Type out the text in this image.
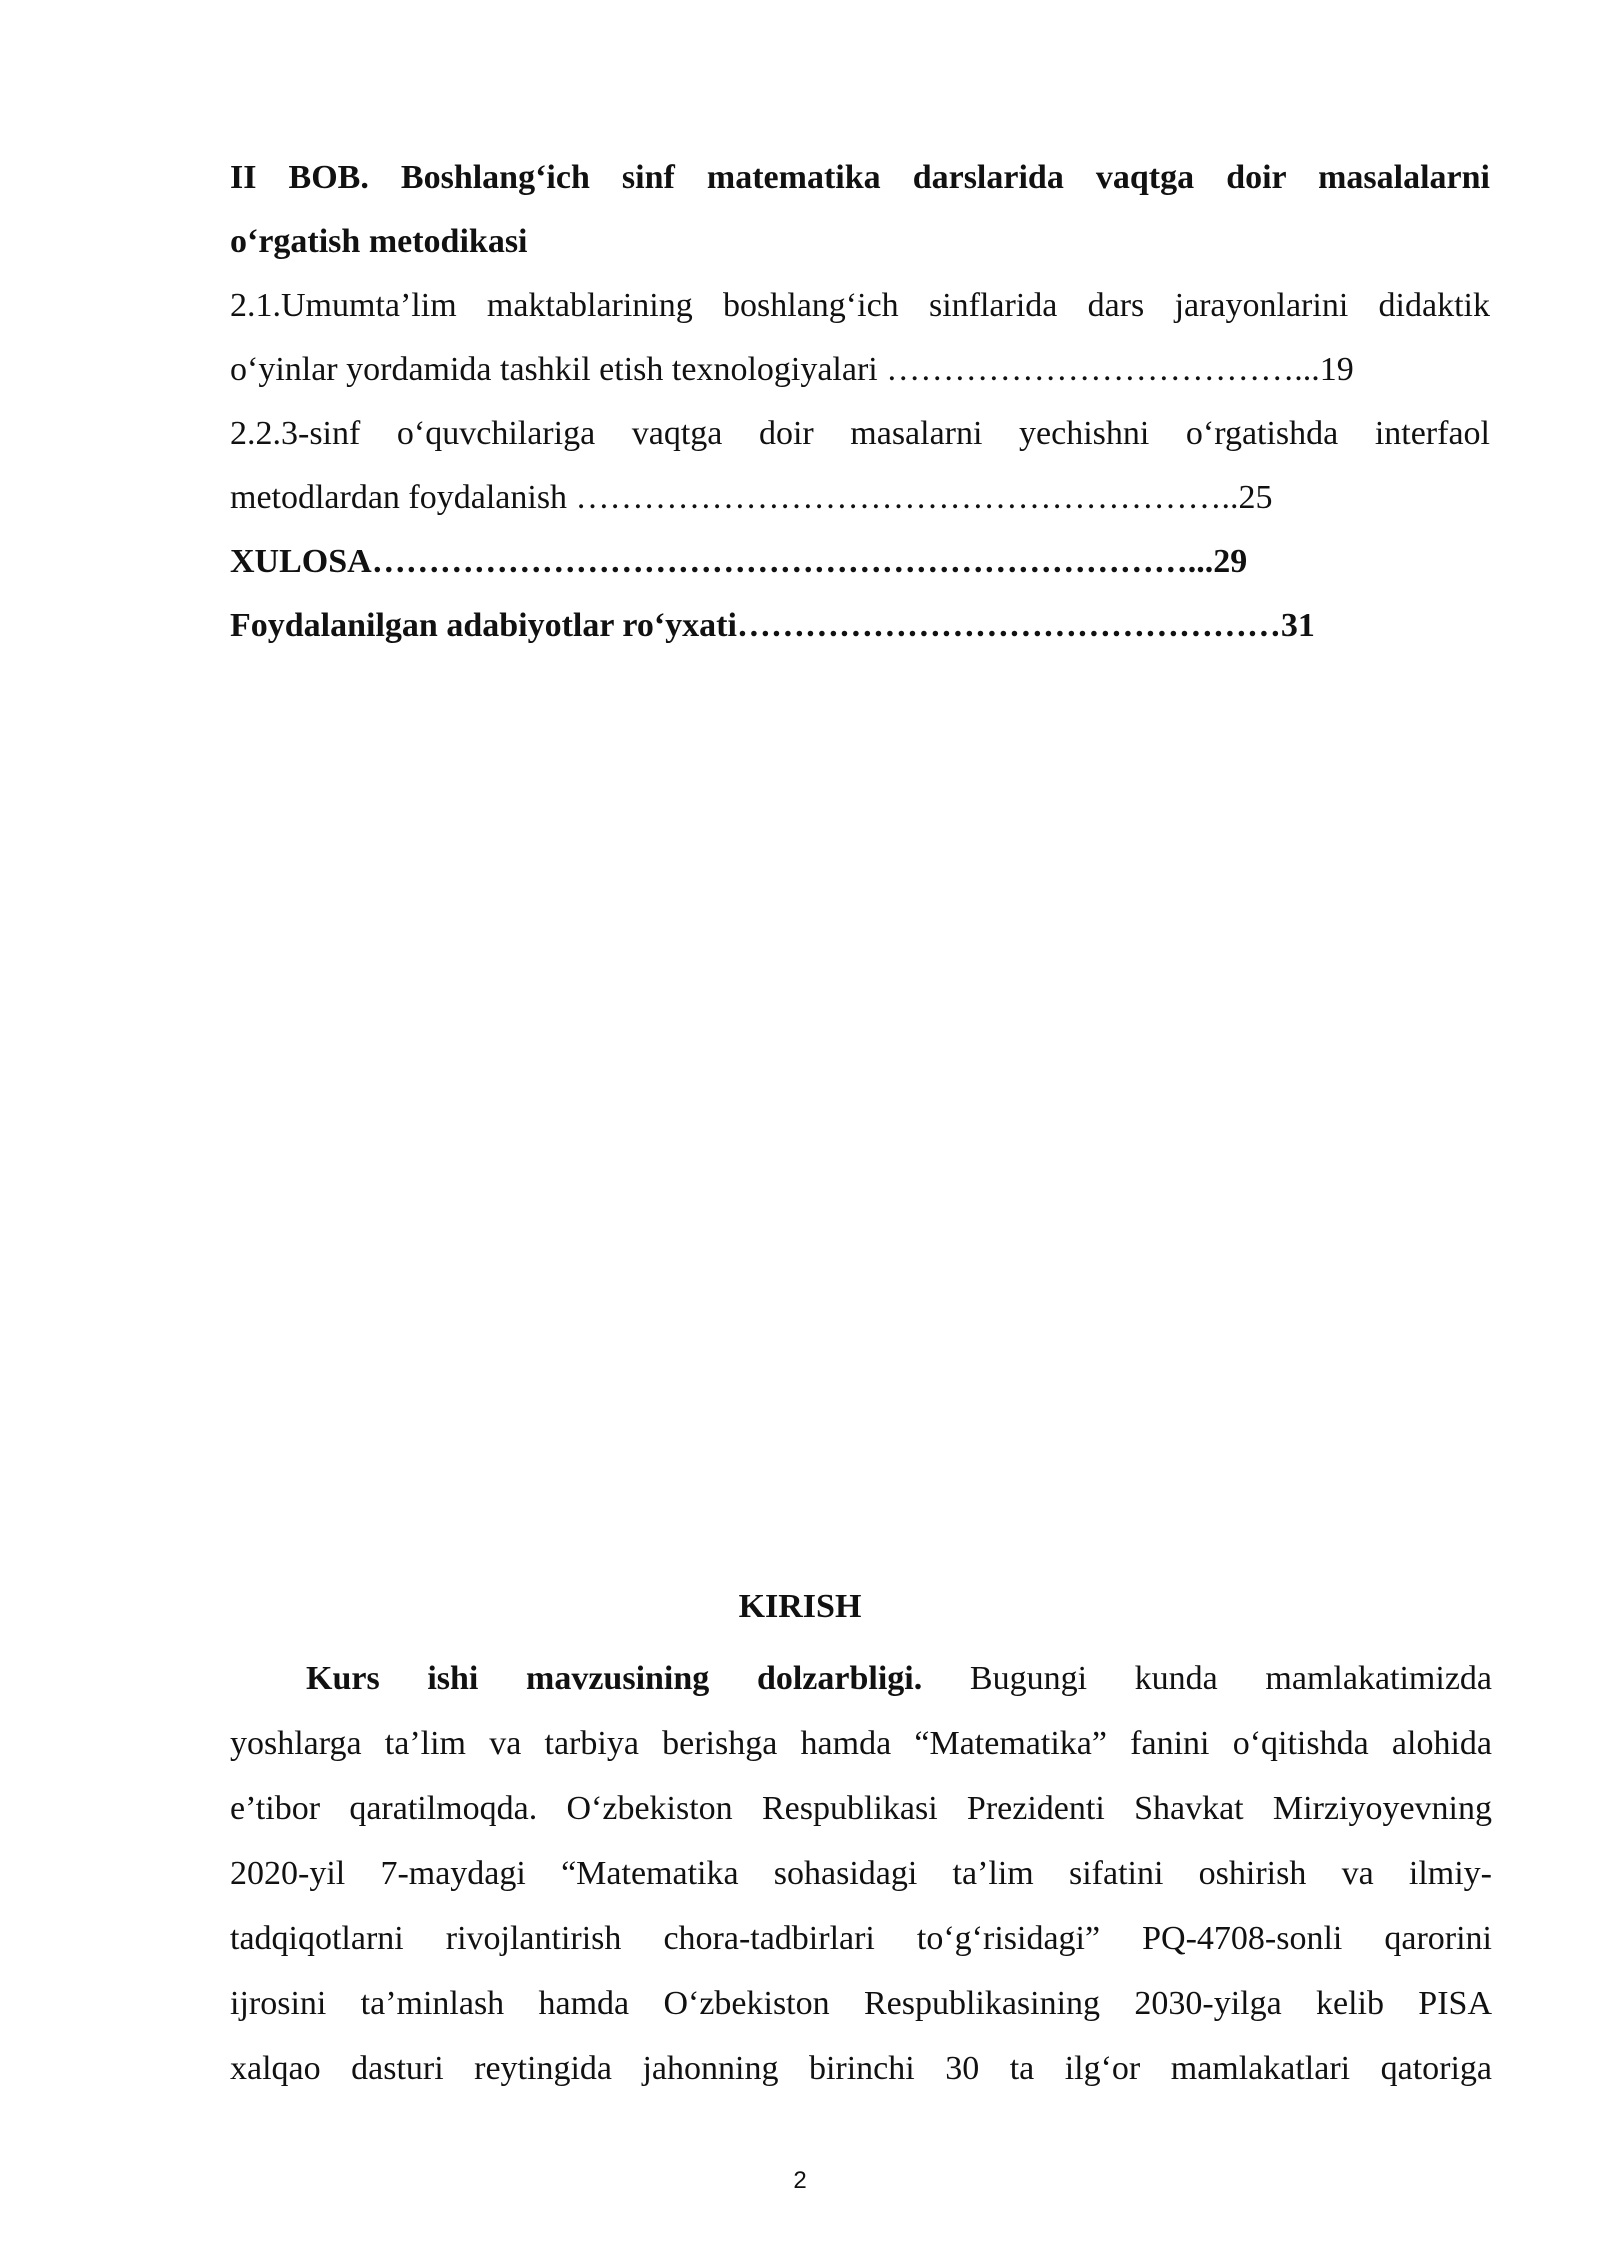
II BOB. Boshlang‘ich sinf matematika darslarida vaqtga doir masalalarni
o‘rgatish metodikasi
2.1.Umumta’lim maktablarining boshlang‘ich sinflarida dars jarayonlarini didaktik
o‘yinlar yordamida tashkil etish texnologiyalari ………………………………...19
2.2.3-sinf o‘quvchilariga vaqtga doir masalarni yechishni o‘rgatishda interfaol
metodlardan foydalanish …………………………………………………..25
XULOSA………………………………………………………………...29
Foydalanilgan adabiyotlar ro‘yxati…………………………………………31
KIRISH
Kurs ishi mavzusining dolzarbligi. Bugungi kunda mamlakatimizda
yoshlarga ta’lim va tarbiya berishga hamda “Matematika” fanini o‘qitishda alohida
e’tibor qaratilmoqda. O‘zbekiston Respublikasi Prezidenti Shavkat Mirziyoyevning
2020-yil 7-maydagi “Matematika sohasidagi ta’lim sifatini oshirish va ilmiy-
tadqiqotlarni rivojlantirish chora-tadbirlari to‘g‘risidagi” PQ-4708-sonli qarorini
ijrosini ta’minlash hamda O‘zbekiston Respublikasining 2030-yilga kelib PISA
xalqao dasturi reytingida jahonning birinchi 30 ta ilg‘or mamlakatlari qatoriga
2
